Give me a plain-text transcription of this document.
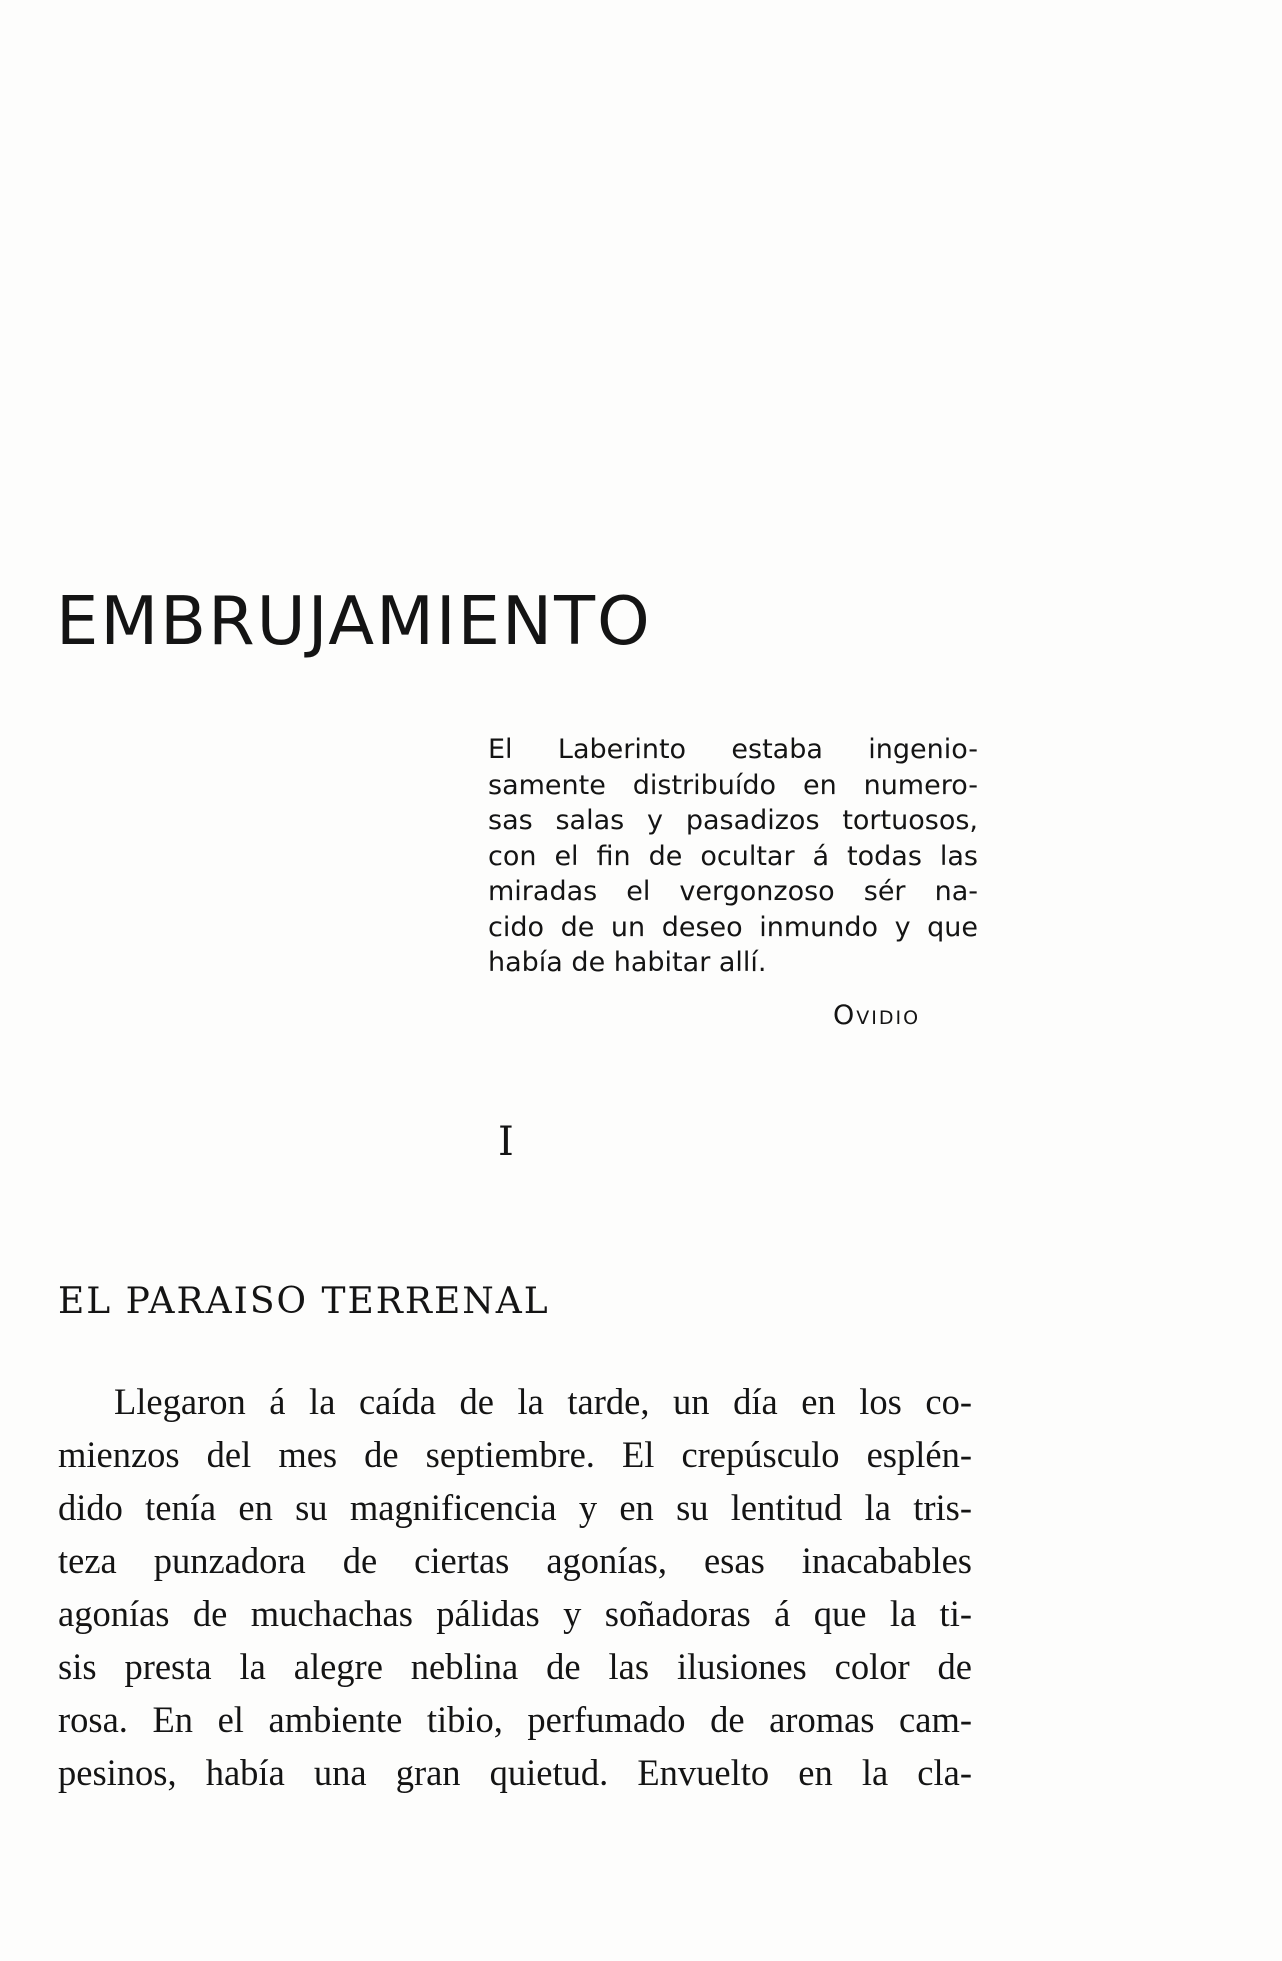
EMBRUJAMIENTO
El Laberinto estaba ingenio-
samente distribuído en numero-
sas salas y pasadizos tortuosos,
con el fin de ocultar á todas las
miradas el vergonzoso sér na-
cido de un deseo inmundo y que
había de habitar allí.
Ovidio
I
EL PARAISO TERRENAL
Llegaron á la caída de la tarde, un día en los co-
mienzos del mes de septiembre. El crepúsculo esplén-
dido tenía en su magnificencia y en su lentitud la tris-
teza punzadora de ciertas agonías, esas inacabables
agonías de muchachas pálidas y soñadoras á que la ti-
sis presta la alegre neblina de las ilusiones color de
rosa. En el ambiente tibio, perfumado de aromas cam-
pesinos, había una gran quietud. Envuelto en la cla-
